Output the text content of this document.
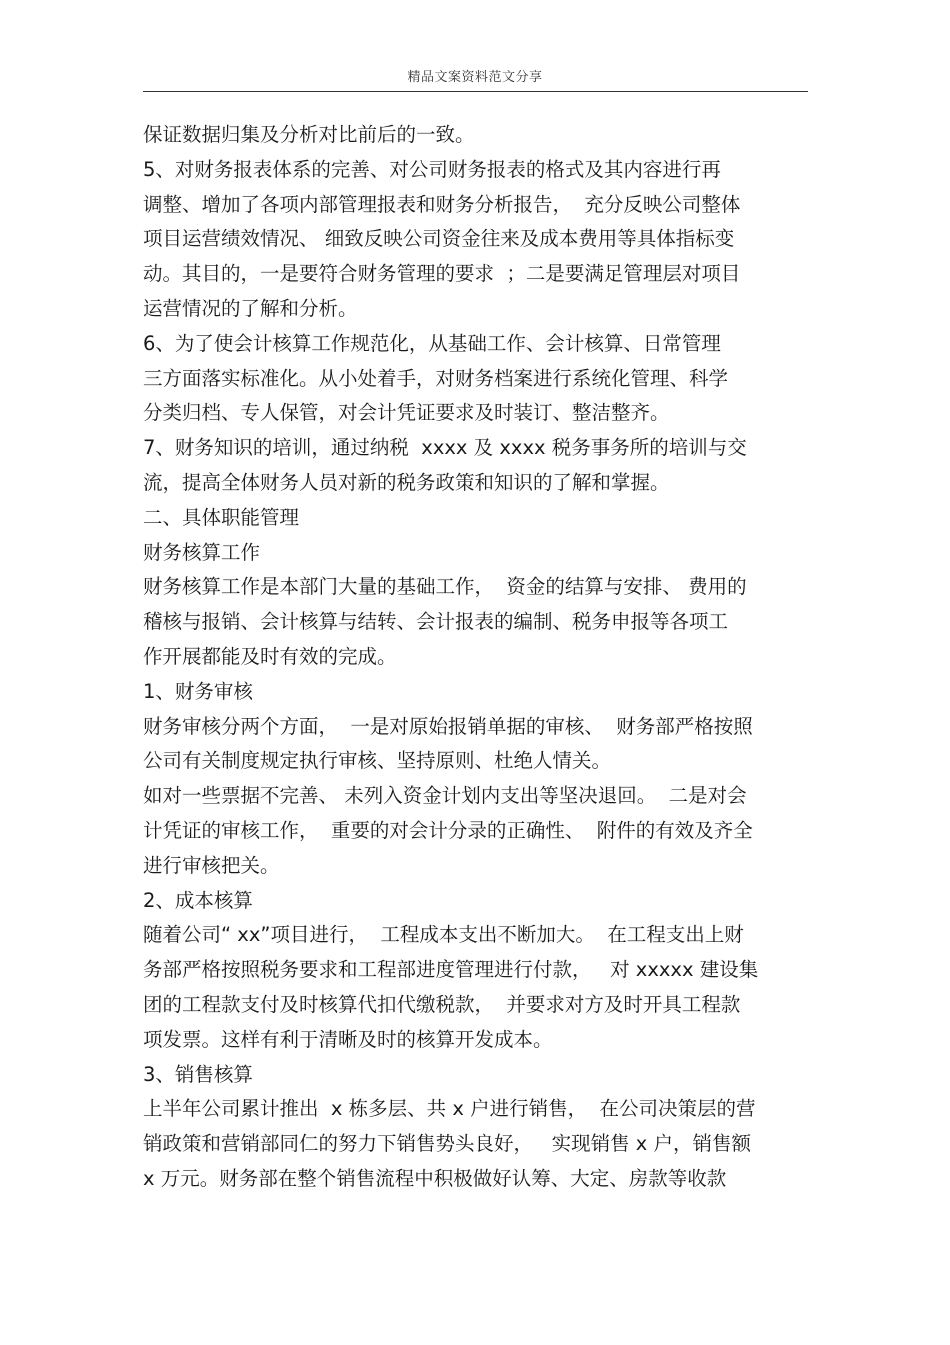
精品文案资料范文分享
保证数据归集及分析对比前后的一致。
5、对财务报表体系的完善、对公司财务报表的格式及其内容进行再
调整、增加了各项内部管理报表和财务分析报告，  充分反映公司整体
项目运营绩效情况、 细致反映公司资金往来及成本费用等具体指标变
动。其目的，一是要符合财务管理的要求  ；二是要满足管理层对项目
运营情况的了解和分析。
6、为了使会计核算工作规范化，从基础工作、会计核算、日常管理
三方面落实标准化。从小处着手，对财务档案进行系统化管理、科学
分类归档、专人保管，对会计凭证要求及时装订、整洁整齐。
7、财务知识的培训，通过纳税  xxxx 及 xxxx 税务事务所的培训与交
流，提高全体财务人员对新的税务政策和知识的了解和掌握。
二、具体职能管理
财务核算工作
财务核算工作是本部门大量的基础工作，  资金的结算与安排、 费用的
稽核与报销、会计核算与结转、会计报表的编制、税务申报等各项工
作开展都能及时有效的完成。
1、财务审核
财务审核分两个方面，  一是对原始报销单据的审核、  财务部严格按照
公司有关制度规定执行审核、坚持原则、杜绝人情关。
如对一些票据不完善、 未列入资金计划内支出等坚决退回。  二是对会
计凭证的审核工作，  重要的对会计分录的正确性、  附件的有效及齐全
进行审核把关。
2、成本核算
随着公司“ xx”项目进行，  工程成本支出不断加大。  在工程支出上财
务部严格按照税务要求和工程部进度管理进行付款，   对 xxxxx 建设集
团的工程款支付及时核算代扣代缴税款，  并要求对方及时开具工程款
项发票。这样有利于清晰及时的核算开发成本。
3、销售核算
上半年公司累计推出  x 栋多层、共 x 户进行销售，  在公司决策层的营
销政策和营销部同仁的努力下销售势头良好，   实现销售 x 户，销售额
x 万元。财务部在整个销售流程中积极做好认筹、大定、房款等收款
